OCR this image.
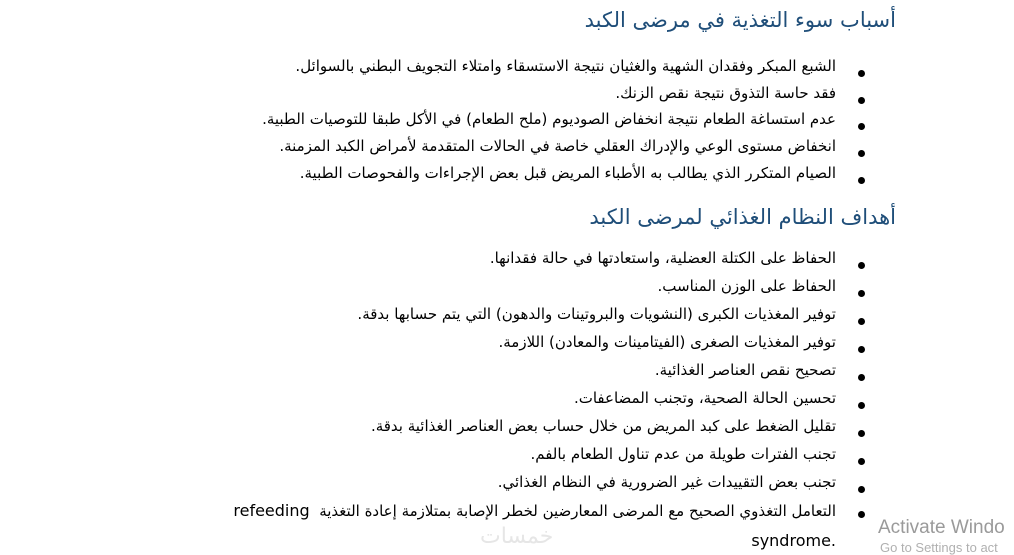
أسباب سوء التغذية في مرضى الكبد
الشبع المبكر وفقدان الشهية والغثيان نتيجة الاستسقاء وامتلاء التجويف البطني بالسوائل.
فقد حاسة التذوق نتيجة نقص الزنك.
عدم استساغة الطعام نتيجة انخفاض الصوديوم (ملح الطعام) في الأكل طبقا للتوصيات الطبية.
انخفاض مستوى الوعي والإدراك العقلي خاصة في الحالات المتقدمة لأمراض الكبد المزمنة.
الصيام المتكرر الذي يطالب به الأطباء المريض قبل بعض الإجراءات والفحوصات الطبية.
أهداف النظام الغذائي لمرضى الكبد
الحفاظ على الكتلة العضلية، واستعادتها في حالة فقدانها.
الحفاظ على الوزن المناسب.
توفير المغذيات الكبرى (النشويات والبروتينات والدهون) التي يتم حسابها بدقة.
توفير المغذيات الصغرى (الفيتامينات والمعادن) اللازمة.
تصحيح نقص العناصر الغذائية.
تحسين الحالة الصحية، وتجنب المضاعفات.
تقليل الضغط على كبد المريض من خلال حساب بعض العناصر الغذائية بدقة.
تجنب الفترات طويلة من عدم تناول الطعام بالفم.
تجنب بعض التقييدات غير الضرورية في النظام الغذائي.
التعامل التغذوي الصحيح مع المرضى المعارضين لخطر الإصابة بمتلازمة إعادة التغذية  refeeding
syndrome.
خمسات	Activate Windo
Go to Settings to act
